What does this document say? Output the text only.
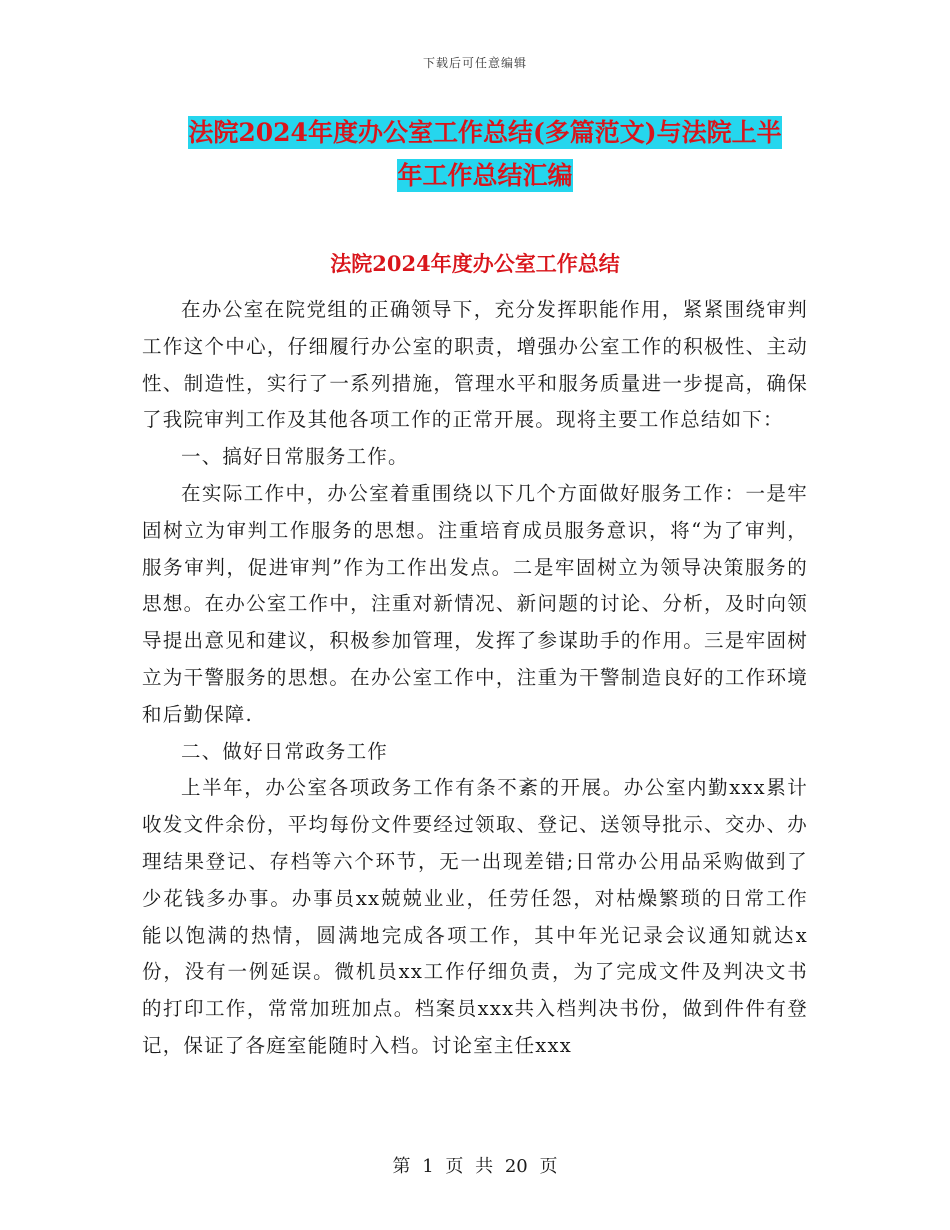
下载后可任意编辑
法院2024年度办公室工作总结(多篇范文)与法院上半
年工作总结汇编
法院2024年度办公室工作总结

在办公室在院党组的正确领导下，充分发挥职能作用，紧紧围绕审判工作这个中心，仔细履行办公室的职责，增强办公室工作的积极性、主动性、制造性，实行了一系列措施，管理水平和服务质量进一步提高，确保了我院审判工作及其他各项工作的正常开展。现将主要工作总结如下：

一、搞好日常服务工作。

在实际工作中，办公室着重围绕以下几个方面做好服务工作：一是牢固树立为审判工作服务的思想。注重培育成员服务意识，将“为了审判，服务审判，促进审判”作为工作出发点。二是牢固树立为领导决策服务的思想。在办公室工作中，注重对新情况、新问题的讨论、分析，及时向领导提出意见和建议，积极参加管理，发挥了参谋助手的作用。三是牢固树立为干警服务的思想。在办公室工作中，注重为干警制造良好的工作环境和后勤保障.

二、做好日常政务工作

上半年，办公室各项政务工作有条不紊的开展。办公室内勤xxx累计收发文件余份，平均每份文件要经过领取、登记、送领导批示、交办、办理结果登记、存档等六个环节，无一出现差错;日常办公用品采购做到了少花钱多办事。办事员xx兢兢业业，任劳任怨，对枯燥繁琐的日常工作能以饱满的热情，圆满地完成各项工作，其中年光记录会议通知就达x份，没有一例延误。微机员xx工作仔细负责，为了完成文件及判决文书的打印工作，常常加班加点。档案员xxx共入档判决书份，做到件件有登记，保证了各庭室能随时入档。讨论室主任xxx

第 1 页 共 20 页
